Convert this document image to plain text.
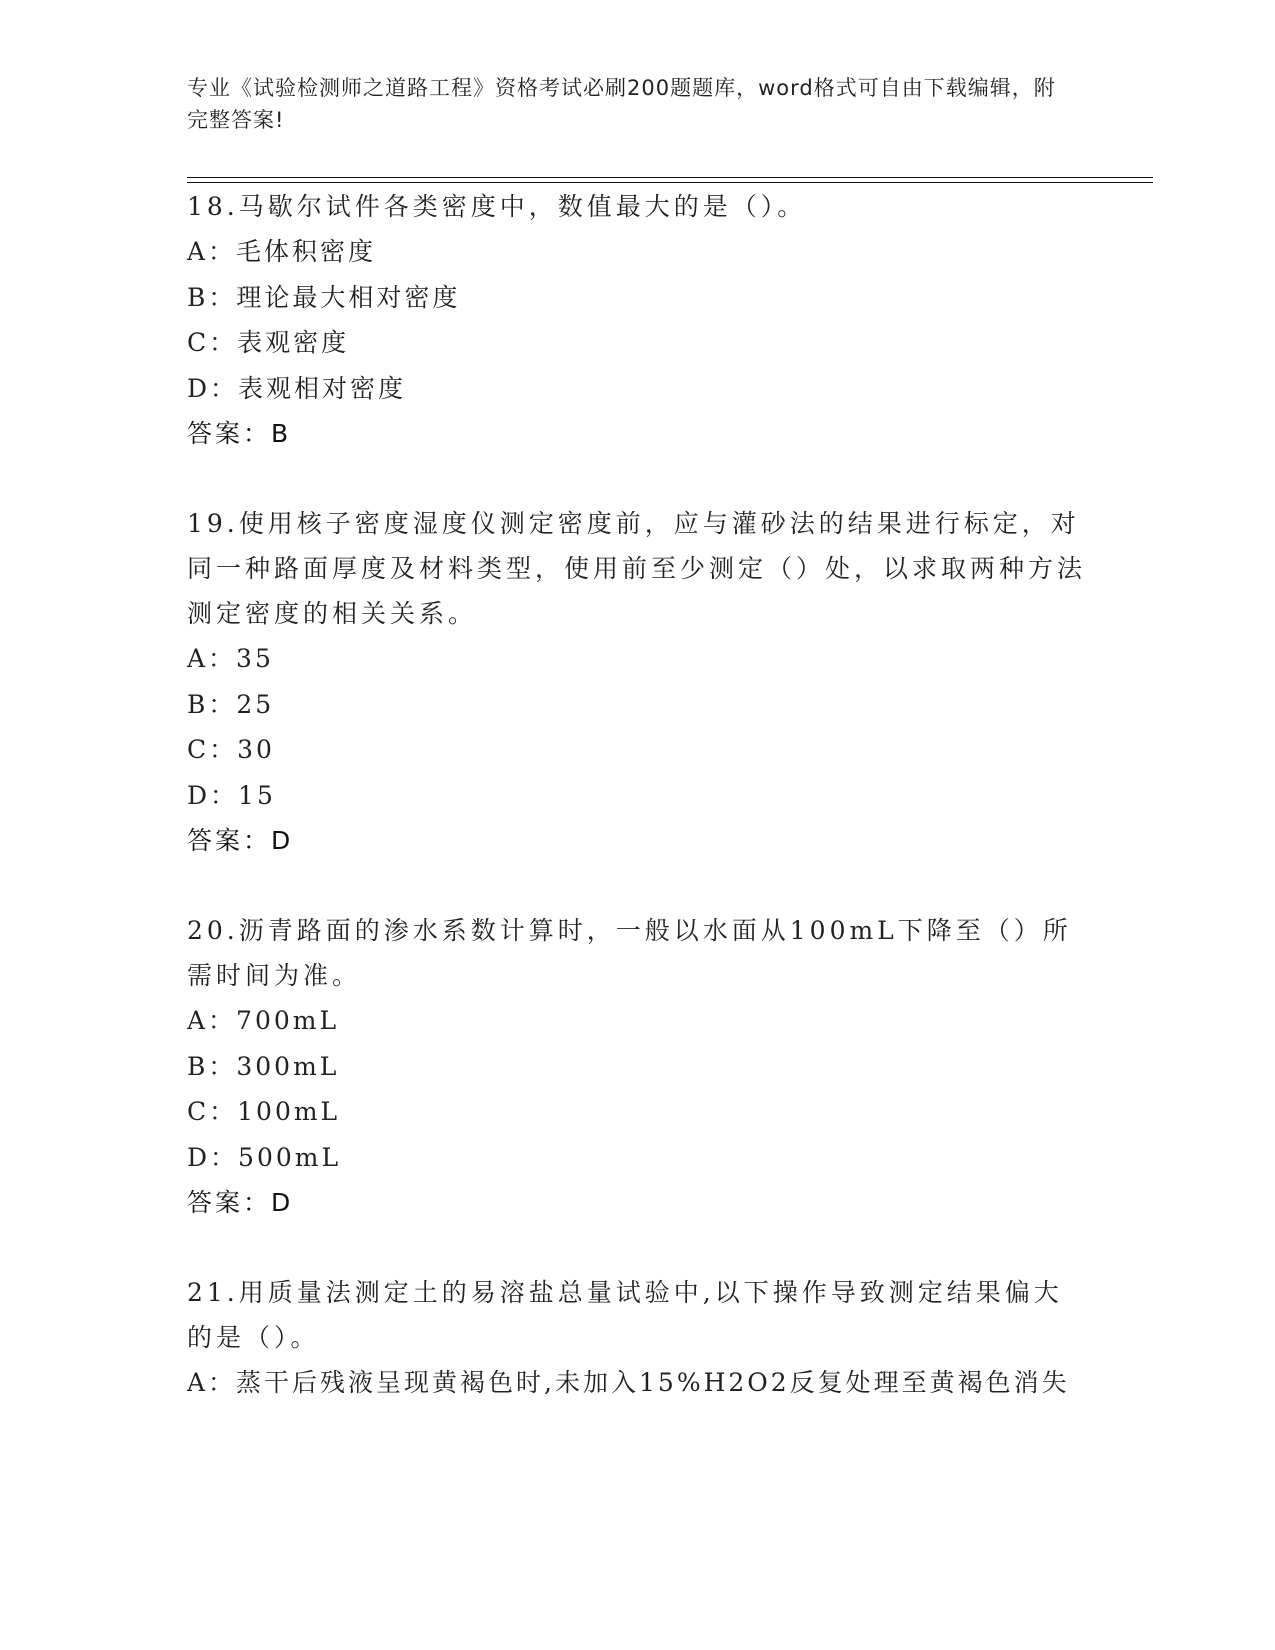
专业《试验检测师之道路工程》资格考试必刷200题题库，word格式可自由下载编辑，附完整答案!
18.马歇尔试件各类密度中，数值最大的是（）。
A：毛体积密度
B：理论最大相对密度
C：表观密度
D：表观相对密度
答案：B
19.使用核子密度湿度仪测定密度前，应与灌砂法的结果进行标定，对同一种路面厚度及材料类型，使用前至少测定（）处，以求取两种方法测定密度的相关关系。
A：35
B：25
C：30
D：15
答案：D
20.沥青路面的渗水系数计算时，一般以水面从100mL下降至（）所需时间为准。
A：700mL
B：300mL
C：100mL
D：500mL
答案：D
21.用质量法测定土的易溶盐总量试验中,以下操作导致测定结果偏大的是（）。
A：蒸干后残液呈现黄褐色时,未加入15%H2O2反复处理至黄褐色消失
